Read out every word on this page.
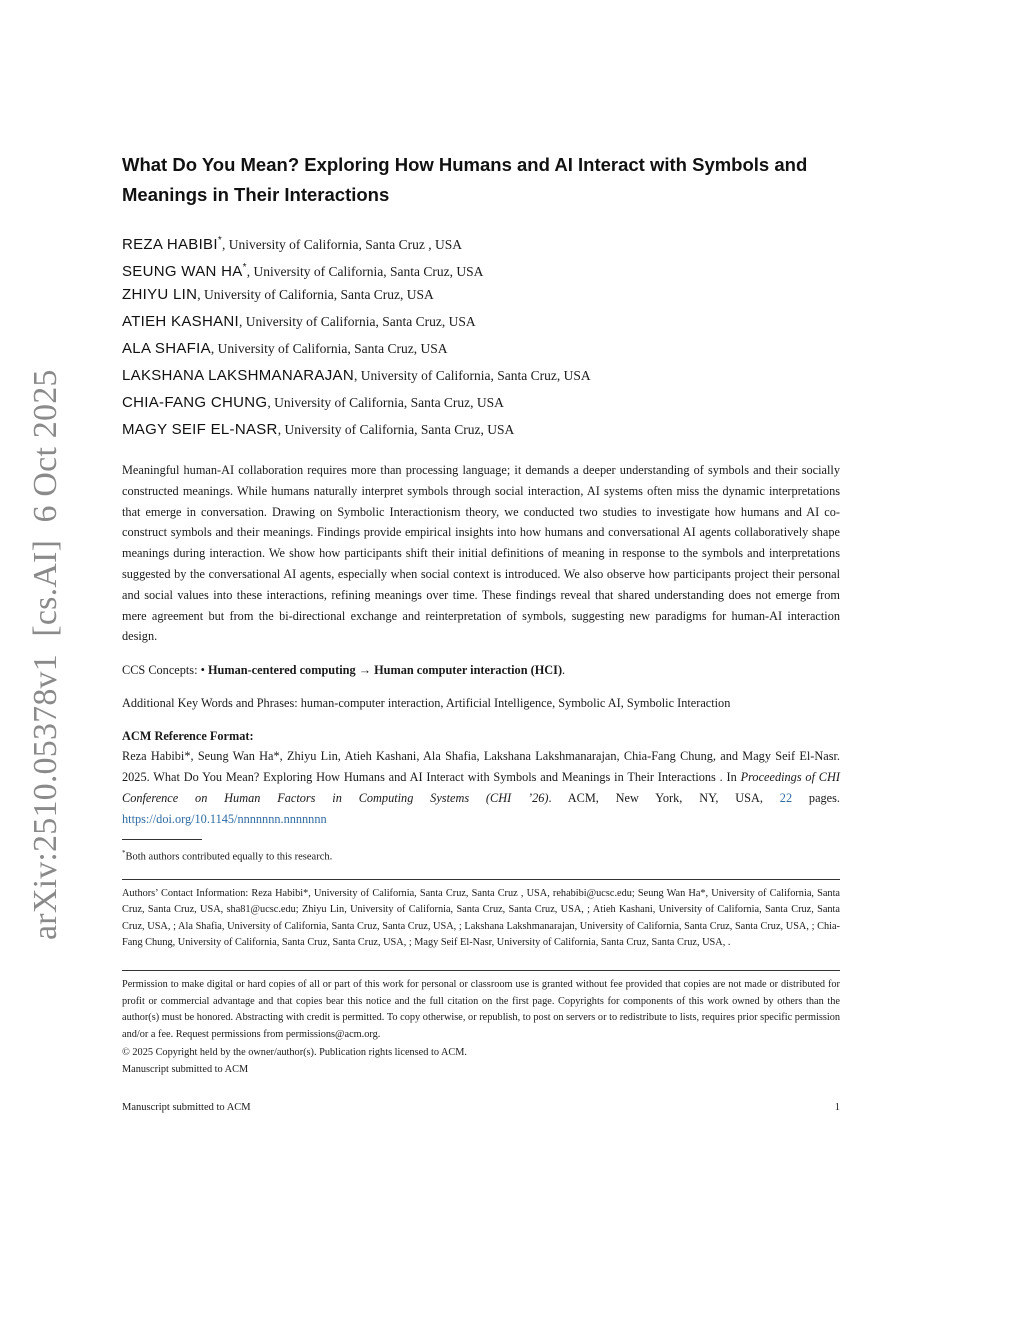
arXiv:2510.05378v1  [cs.AI]  6 Oct 2025
What Do You Mean? Exploring How Humans and AI Interact with Symbols and Meanings in Their Interactions
REZA HABIBI*, University of California, Santa Cruz , USA
SEUNG WAN HA*, University of California, Santa Cruz, USA
ZHIYU LIN, University of California, Santa Cruz, USA
ATIEH KASHANI, University of California, Santa Cruz, USA
ALA SHAFIA, University of California, Santa Cruz, USA
LAKSHANA LAKSHMANARAJAN, University of California, Santa Cruz, USA
CHIA-FANG CHUNG, University of California, Santa Cruz, USA
MAGY SEIF EL-NASR, University of California, Santa Cruz, USA

Meaningful human-AI collaboration requires more than processing language; it demands a deeper understanding of symbols and their socially constructed meanings. While humans naturally interpret symbols through social interaction, AI systems often miss the dynamic interpretations that emerge in conversation. Drawing on Symbolic Interactionism theory, we conducted two studies to investigate how humans and AI co-construct symbols and their meanings. Findings provide empirical insights into how humans and conversational AI agents collaboratively shape meanings during interaction. We show how participants shift their initial definitions of meaning in response to the symbols and interpretations suggested by the conversational AI agents, especially when social context is introduced. We also observe how participants project their personal and social values into these interactions, refining meanings over time. These findings reveal that shared understanding does not emerge from mere agreement but from the bi-directional exchange and reinterpretation of symbols, suggesting new paradigms for human-AI interaction design.

CCS Concepts: • Human-centered computing → Human computer interaction (HCI).

Additional Key Words and Phrases: human-computer interaction, Artificial Intelligence, Symbolic AI, Symbolic Interaction

ACM Reference Format:

Reza Habibi*, Seung Wan Ha*, Zhiyu Lin, Atieh Kashani, Ala Shafia, Lakshana Lakshmanarajan, Chia-Fang Chung, and Magy Seif El-Nasr. 2025. What Do You Mean? Exploring How Humans and AI Interact with Symbols and Meanings in Their Interactions . In Proceedings of CHI Conference on Human Factors in Computing Systems (CHI ’26). ACM, New York, NY, USA, 22 pages. https://doi.org/10.1145/nnnnnnn.nnnnnnn

*Both authors contributed equally to this research.

Authors’ Contact Information: Reza Habibi*, University of California, Santa Cruz, Santa Cruz , USA, rehabibi@ucsc.edu; Seung Wan Ha*, University of California, Santa Cruz, Santa Cruz, USA, sha81@ucsc.edu; Zhiyu Lin, University of California, Santa Cruz, Santa Cruz, USA, ; Atieh Kashani, University of California, Santa Cruz, Santa Cruz, USA, ; Ala Shafia, University of California, Santa Cruz, Santa Cruz, USA, ; Lakshana Lakshmanarajan, University of California, Santa Cruz, Santa Cruz, USA, ; Chia-Fang Chung, University of California, Santa Cruz, Santa Cruz, USA, ; Magy Seif El-Nasr, University of California, Santa Cruz, Santa Cruz, USA, .

Permission to make digital or hard copies of all or part of this work for personal or classroom use is granted without fee provided that copies are not made or distributed for profit or commercial advantage and that copies bear this notice and the full citation on the first page. Copyrights for components of this work owned by others than the author(s) must be honored. Abstracting with credit is permitted. To copy otherwise, or republish, to post on servers or to redistribute to lists, requires prior specific permission and/or a fee. Request permissions from permissions@acm.org.

© 2025 Copyright held by the owner/author(s). Publication rights licensed to ACM.

Manuscript submitted to ACM

Manuscript submitted to ACM	1
